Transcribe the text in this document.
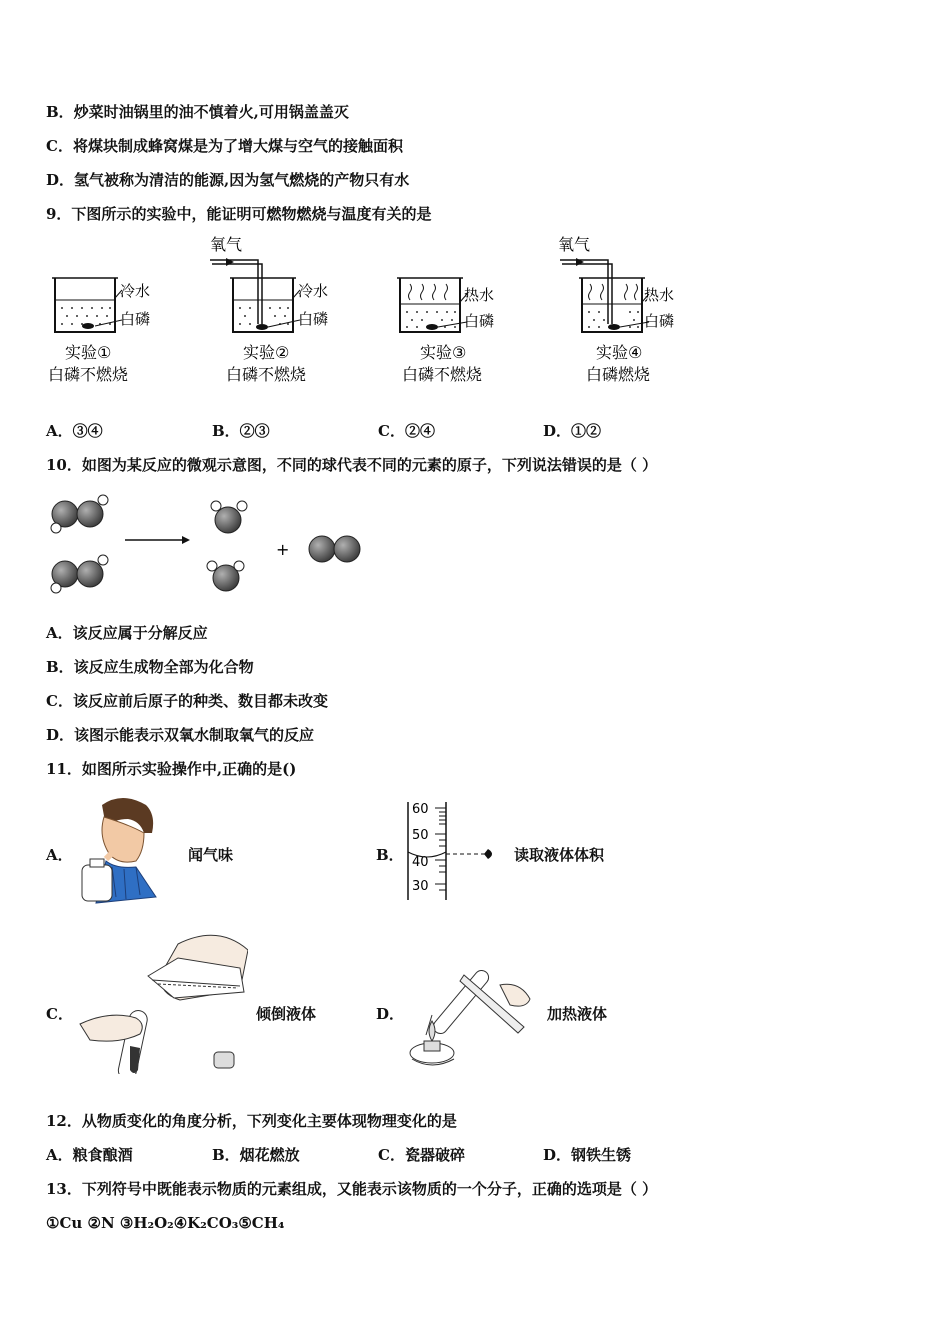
B．炒菜时油锅里的油不慎着火,可用锅盖盖灭
C．将煤块制成蜂窝煤是为了增大煤与空气的接触面积
D．氢气被称为清洁的能源,因为氢气燃烧的产物只有水
9．下图所示的实验中，能证明可燃物燃烧与温度有关的是
冷水
白磷
实验①
白磷不燃烧
氧气
冷水
白磷
实验②
白磷不燃烧
热水
白磷
实验③
白磷不燃烧
氧气
热水
白磷
实验④
白磷燃烧
A．③④	B．②③	C．②④	D．①②
10．如图为某反应的微观示意图，不同的球代表不同的元素的原子，下列说法错误的是（ ）
+
A．该反应属于分解反应
B．该反应生成物全部为化合物
C．该反应前后原子的种类、数目都未改变
D．该图示能表示双氧水制取氧气的反应
11．如图所示实验操作中,正确的是()
A．	闻气味	B．
60
50
40
30
读取液体体积
C．	倾倒液体	D．	加热液体
12．从物质变化的角度分析，下列变化主要体现物理变化的是
A．粮食酿酒	B．烟花燃放	C．瓷器破碎	D．钢铁生锈
13．下列符号中既能表示物质的元素组成，又能表示该物质的一个分子，正确的选项是（ ）
①Cu ②N ③H₂O₂④K₂CO₃⑤CH₄
